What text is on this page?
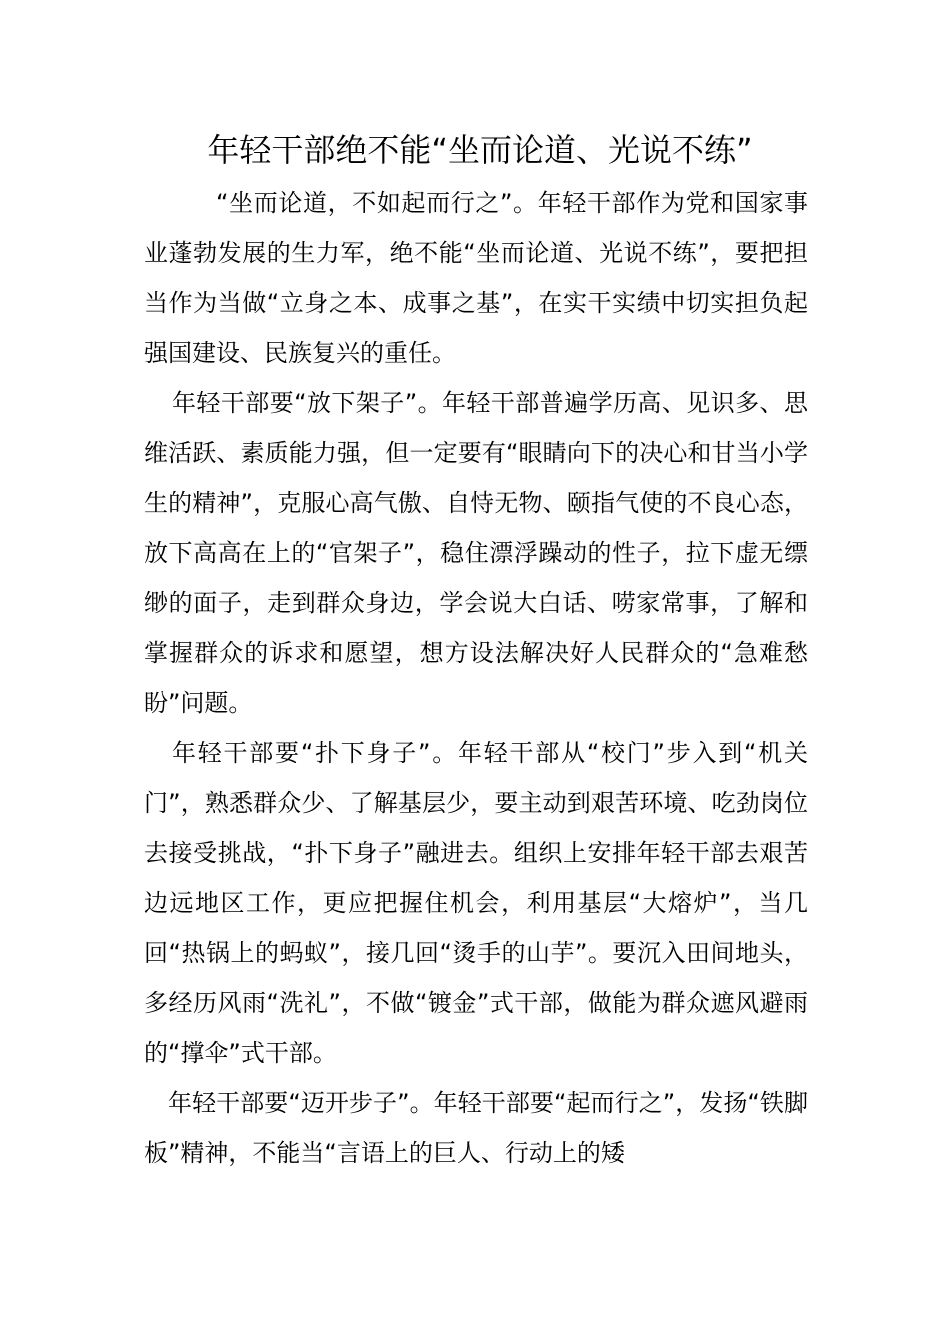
年轻干部绝不能“坐而论道、光说不练”

“坐而论道，不如起而行之”。年轻干部作为党和国家事业蓬勃发展的生力军，绝不能“坐而论道、光说不练”，要把担当作为当做“立身之本、成事之基”，在实干实绩中切实担负起强国建设、民族复兴的重任。

年轻干部要“放下架子”。年轻干部普遍学历高、见识多、思维活跃、素质能力强，但一定要有“眼睛向下的决心和甘当小学生的精神”，克服心高气傲、自恃无物、颐指气使的不良心态，放下高高在上的“官架子”，稳住漂浮躁动的性子，拉下虚无缥缈的面子，走到群众身边，学会说大白话、唠家常事，了解和掌握群众的诉求和愿望，想方设法解决好人民群众的“急难愁盼”问题。

年轻干部要“扑下身子”。年轻干部从“校门”步入到“机关门”，熟悉群众少、了解基层少，要主动到艰苦环境、吃劲岗位去接受挑战，“扑下身子”融进去。组织上安排年轻干部去艰苦边远地区工作，更应把握住机会，利用基层“大熔炉”，当几回“热锅上的蚂蚁”，接几回“烫手的山芋”。要沉入田间地头，多经历风雨“洗礼”，不做“镀金”式干部，做能为群众遮风避雨的“撑伞”式干部。

年轻干部要“迈开步子”。年轻干部要“起而行之”，发扬“铁脚板”精神，不能当“言语上的巨人、行动上的矮
